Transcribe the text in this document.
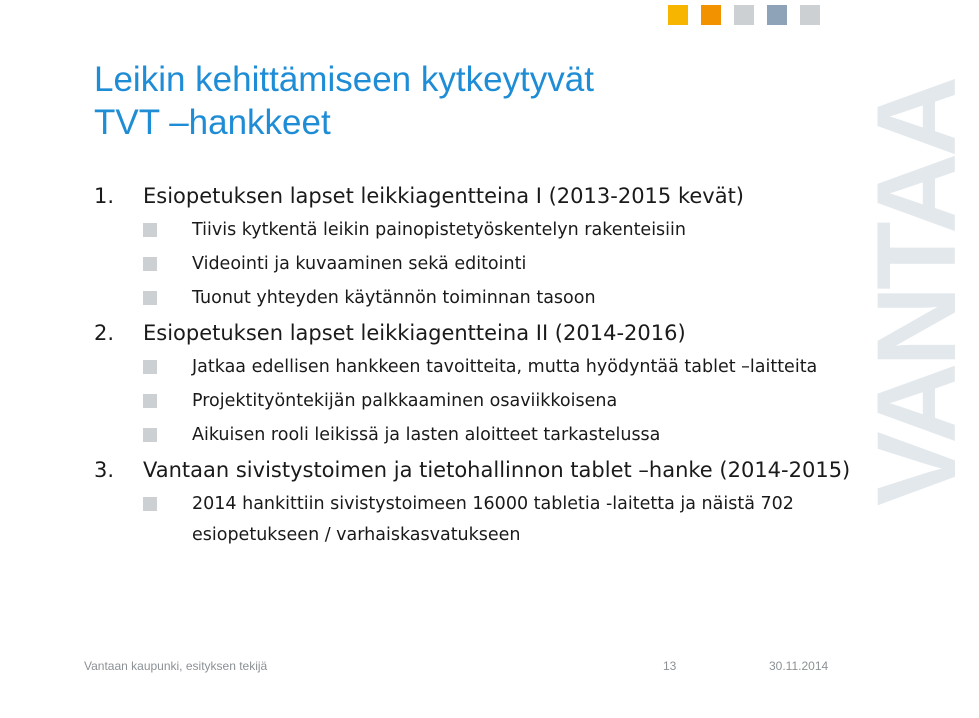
VANTAA
Leikin kehittämiseen kytkeytyvät
TVT –hankkeet
1. Esiopetuksen lapset leikkiagentteina I (2013-2015 kevät)
Tiivis kytkentä leikin painopistetyöskentelyn rakenteisiin
Videointi ja kuvaaminen sekä editointi
Tuonut yhteyden käytännön toiminnan tasoon
2. Esiopetuksen lapset leikkiagentteina II (2014-2016)
Jatkaa edellisen hankkeen tavoitteita, mutta hyödyntää tablet –laitteita
Projektityöntekijän palkkaaminen osaviikkoisena
Aikuisen rooli leikissä ja lasten aloitteet tarkastelussa
3. Vantaan sivistystoimen ja tietohallinnon tablet –hanke (2014-2015)
2014 hankittiin sivistystoimeen 16000 tabletia -laitetta ja näistä 702 esiopetukseen / varhaiskasvatukseen
Vantaan kaupunki, esityksen tekijä	13	30.11.2014
